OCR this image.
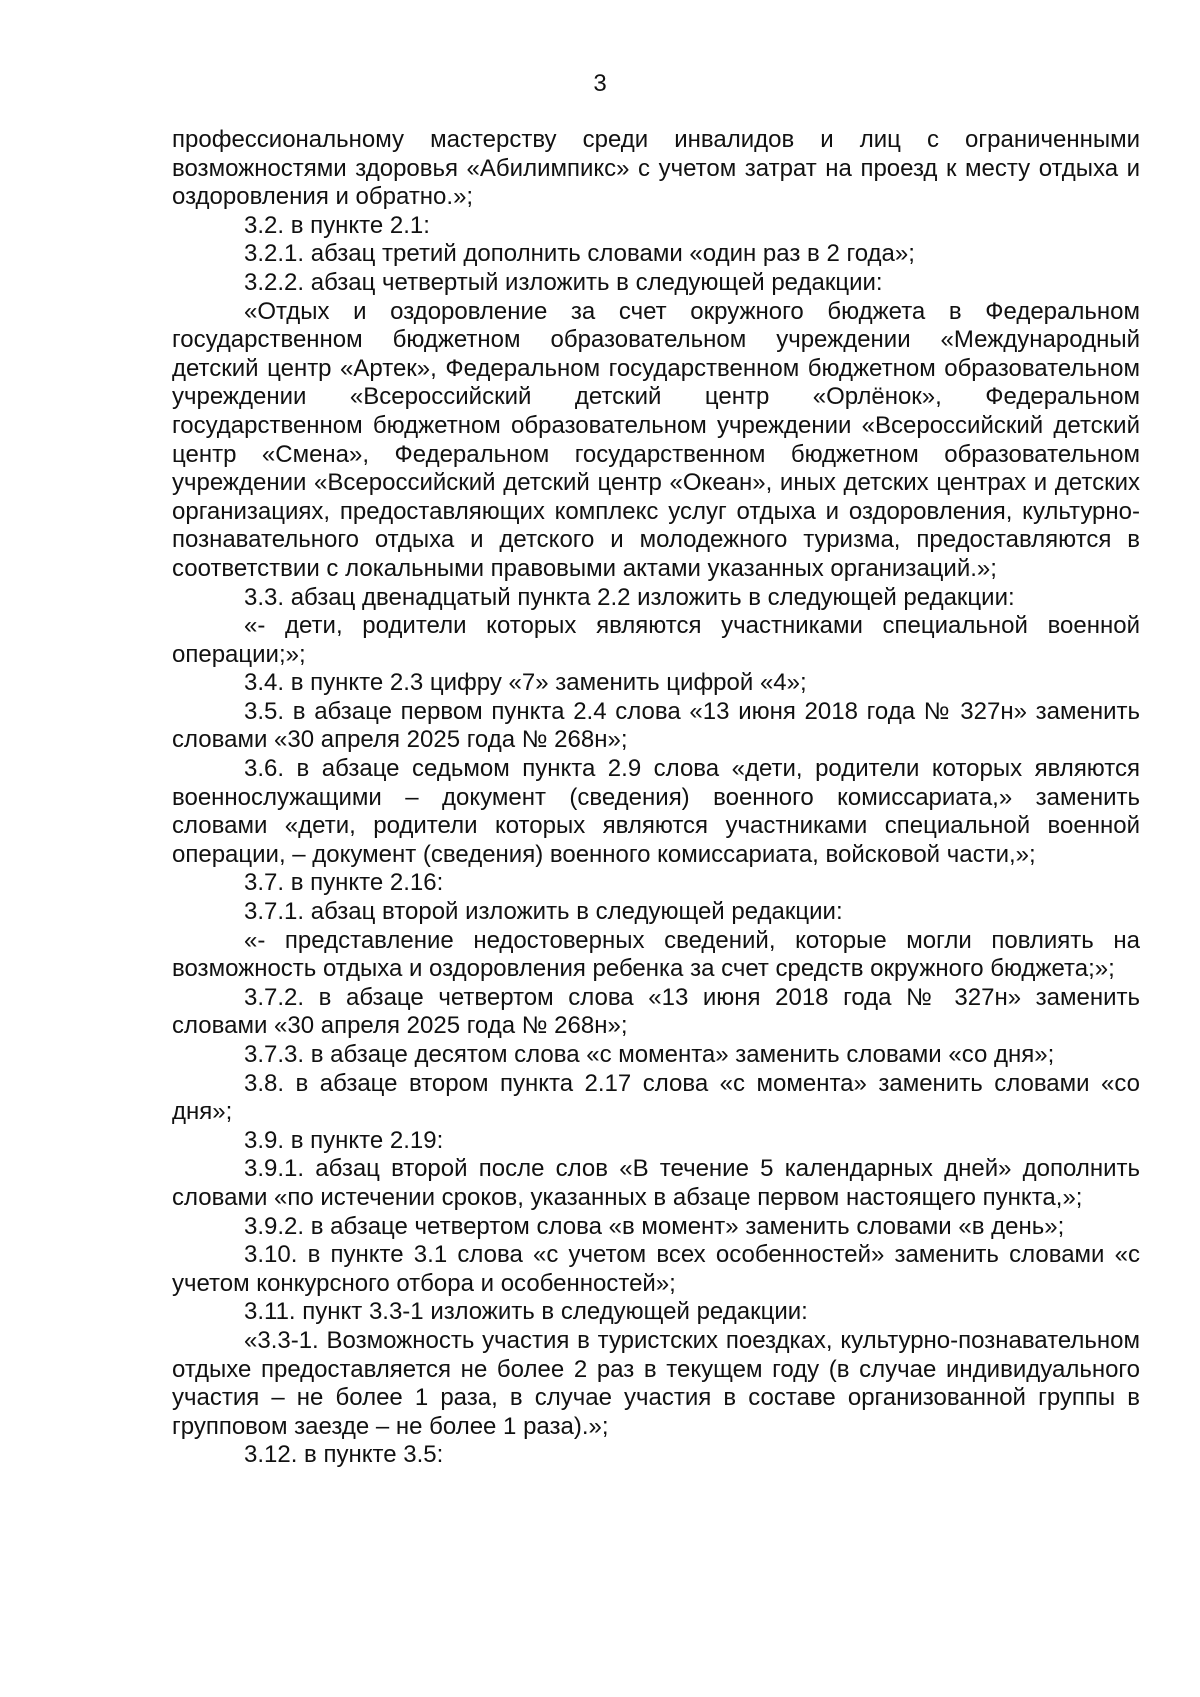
3

профессиональному мастерству среди инвалидов и лиц с ограниченными возможностями здоровья «Абилимпикс» с учетом затрат на проезд к месту отдыха и оздоровления и обратно.»;

3.2. в пункте 2.1:

3.2.1. абзац третий дополнить словами «один раз в 2 года»;

3.2.2. абзац четвертый изложить в следующей редакции:

«Отдых и оздоровление за счет окружного бюджета в Федеральном государственном бюджетном образовательном учреждении «Международный детский центр «Артек», Федеральном государственном бюджетном образовательном учреждении «Всероссийский детский центр «Орлёнок», Федеральном государственном бюджетном образовательном учреждении «Всероссийский детский центр «Смена», Федеральном государственном бюджетном образовательном учреждении «Всероссийский детский центр «Океан», иных детских центрах и детских организациях, предоставляющих комплекс услуг отдыха и оздоровления, культурно-познавательного отдыха и детского и молодежного туризма, предоставляются в соответствии с локальными правовыми актами указанных организаций.»;

3.3. абзац двенадцатый пункта 2.2 изложить в следующей редакции:

«- дети, родители которых являются участниками специальной военной операции;»;

3.4. в пункте 2.3 цифру «7» заменить цифрой «4»;

3.5. в абзаце первом пункта 2.4 слова «13 июня 2018 года № 327н» заменить словами «30 апреля 2025 года № 268н»;

3.6. в абзаце седьмом пункта 2.9 слова «дети, родители которых являются военнослужащими – документ (сведения) военного комиссариата,» заменить словами «дети, родители которых являются участниками специальной военной операции, – документ (сведения) военного комиссариата, войсковой части,»;

3.7. в пункте 2.16:

3.7.1. абзац второй изложить в следующей редакции:

«- представление недостоверных сведений, которые могли повлиять на возможность отдыха и оздоровления ребенка за счет средств окружного бюджета;»;

3.7.2. в абзаце четвертом слова «13 июня 2018 года № 327н» заменить словами «30 апреля 2025 года № 268н»;

3.7.3. в абзаце десятом слова «с момента» заменить словами «со дня»;

3.8. в абзаце втором пункта 2.17 слова «с момента» заменить словами «со дня»;

3.9. в пункте 2.19:

3.9.1. абзац второй после слов «В течение 5 календарных дней» дополнить словами «по истечении сроков, указанных в абзаце первом настоящего пункта,»;

3.9.2. в абзаце четвертом слова «в момент» заменить словами «в день»;

3.10. в пункте 3.1 слова «с учетом всех особенностей» заменить словами «с учетом конкурсного отбора и особенностей»;

3.11. пункт 3.3-1 изложить в следующей редакции:

«3.3-1. Возможность участия в туристских поездках, культурно-познавательном отдыхе предоставляется не более 2 раз в текущем году (в случае индивидуального участия – не более 1 раза, в случае участия в составе организованной группы в групповом заезде – не более 1 раза).»;

3.12. в пункте 3.5:
